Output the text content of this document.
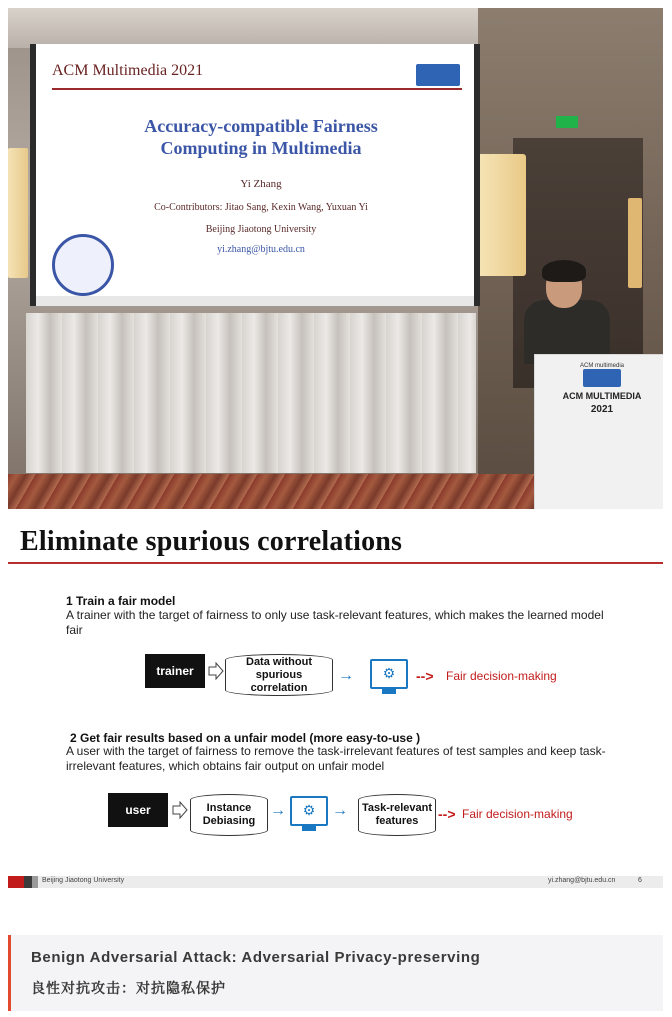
ACM Multimedia 2021
Accuracy-compatible Fairness
Computing in Multimedia
Yi Zhang
Co-Contributors: Jitao Sang, Kexin Wang, Yuxuan Yi
Beijing Jiaotong University
yi.zhang@bjtu.edu.cn
ACM multimedia
ACM MULTIMEDIA
2021
Eliminate spurious correlations
1 Train a fair model
A trainer with the target of fairness to only use task-relevant features, which makes the learned model fair
trainer
Data without spurious correlation
→ ⚙ --> Fair decision-making
2 Get fair results based on a unfair model (more easy-to-use )
A user with the target of fairness to remove the task-irrelevant features of test samples and keep task-irrelevant features, which obtains fair output on unfair model
user	Instance Debiasing
→ ⚙ →	Task-relevant features	--> Fair decision-making
Beijing Jiaotong University	yi.zhang@bjtu.edu.cn	6
Benign Adversarial Attack: Adversarial Privacy-preserving
良性对抗攻击：对抗隐私保护
